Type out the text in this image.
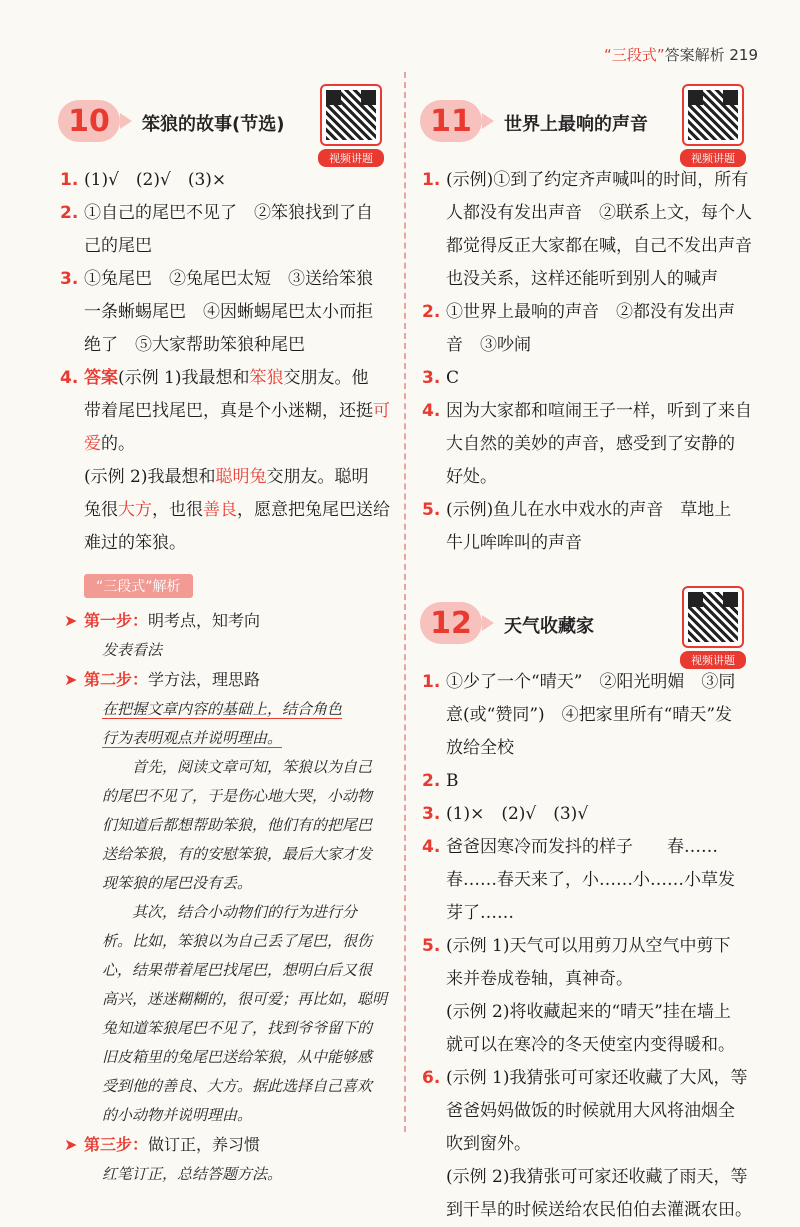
“三段式”答案解析 219
10	笨狼的故事(节选)
视频讲题
1. (1)√　(2)√　(3)×
2. ①自己的尾巴不见了　②笨狼找到了自
己的尾巴
3. ①兔尾巴　②兔尾巴太短　③送给笨狼
一条蜥蜴尾巴　④因蜥蜴尾巴太小而拒
绝了　⑤大家帮助笨狼种尾巴
4. 答案(示例 1)我最想和笨狼交朋友。他
带着尾巴找尾巴，真是个小迷糊，还挺可
爱的。
(示例 2)我最想和聪明兔交朋友。聪明
兔很大方，也很善良，愿意把兔尾巴送给
难过的笨狼。
“三段式”解析
➤ 第一步：明考点，知考向
发表看法
➤ 第二步：学方法，理思路
在把握文章内容的基础上，结合角色
行为表明观点并说明理由。
首先，阅读文章可知，笨狼以为自己
的尾巴不见了，于是伤心地大哭，小动物
们知道后都想帮助笨狼，他们有的把尾巴
送给笨狼，有的安慰笨狼，最后大家才发
现笨狼的尾巴没有丢。
其次，结合小动物们的行为进行分
析。比如，笨狼以为自己丢了尾巴，很伤
心，结果带着尾巴找尾巴，想明白后又很
高兴，迷迷糊糊的，很可爱；再比如，聪明
兔知道笨狼尾巴不见了，找到爷爷留下的
旧皮箱里的兔尾巴送给笨狼，从中能够感
受到他的善良、大方。据此选择自己喜欢
的小动物并说明理由。
➤ 第三步：做订正，养习惯
红笔订正，总结答题方法。
11	世界上最响的声音
视频讲题
1. (示例)①到了约定齐声喊叫的时间，所有
人都没有发出声音　②联系上文，每个人
都觉得反正大家都在喊，自己不发出声音
也没关系，这样还能听到别人的喊声
2. ①世界上最响的声音　②都没有发出声
音　③吵闹
3. C
4. 因为大家都和喧闹王子一样，听到了来自
大自然的美妙的声音，感受到了安静的
好处。
5. (示例)鱼儿在水中戏水的声音　草地上
牛儿哞哞叫的声音
12	天气收藏家
视频讲题
1. ①少了一个“晴天”　②阳光明媚　③同
意(或“赞同”)　④把家里所有“晴天”发
放给全校
2. B
3. (1)×　(2)√　(3)√
4. 爸爸因寒冷而发抖的样子　　春……
春……春天来了，小……小……小草发
芽了……
5. (示例 1)天气可以用剪刀从空气中剪下
来并卷成卷轴，真神奇。
(示例 2)将收藏起来的“晴天”挂在墙上
就可以在寒冷的冬天使室内变得暖和。
6. (示例 1)我猜张可可家还收藏了大风，等
爸爸妈妈做饭的时候就用大风将油烟全
吹到窗外。
(示例 2)我猜张可可家还收藏了雨天，等
到干旱的时候送给农民伯伯去灌溉农田。
